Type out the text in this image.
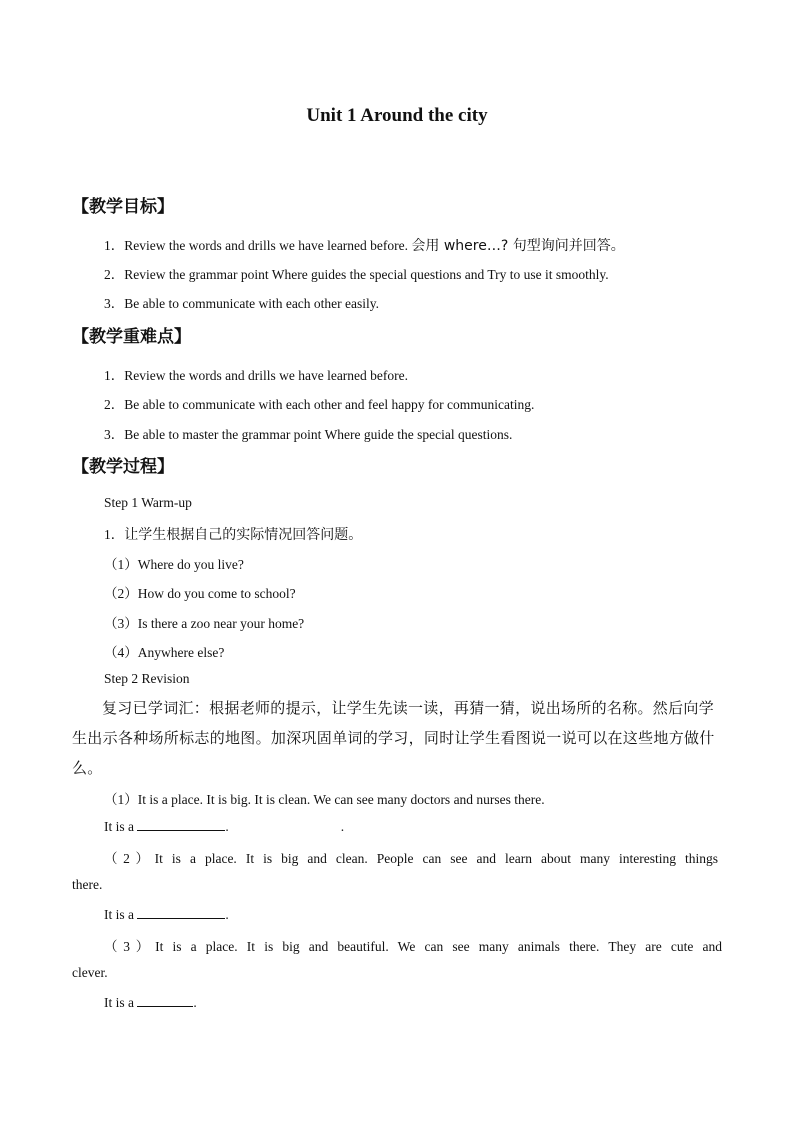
Unit 1 Around the city
【教学目标】
1．Review the words and drills we have learned before. 会用 where…? 句型询问并回答。
2．Review the grammar point Where guides the special questions and Try to use it smoothly.
3．Be able to communicate with each other easily.
【教学重难点】
1．Review the words and drills we have learned before.
2．Be able to communicate with each other and feel happy for communicating.
3．Be able to master the grammar point Where guide the special questions.
【教学过程】
Step 1 Warm-up
1．让学生根据自己的实际情况回答问题。
（1）Where do you live?
（2）How do you come to school?
（3）Is there a zoo near your home?
（4）Anywhere else?
Step 2 Revision
复习已学词汇：根据老师的提示，让学生先读一读，再猜一猜，说出场所的名称。然后向学生出示各种场所标志的地图。加深巩固单词的学习，同时让学生看图说一说可以在这些地方做什么。
（1）It is a place. It is big. It is clean. We can see many doctors and nurses there.
It is a	.	.
（2）It is a place. It is big and clean. People can see and learn about many interesting things
there.
It is a	.
（3）It is a place. It is big and beautiful. We can see many animals there. They are cute and
clever.
It is a	.
